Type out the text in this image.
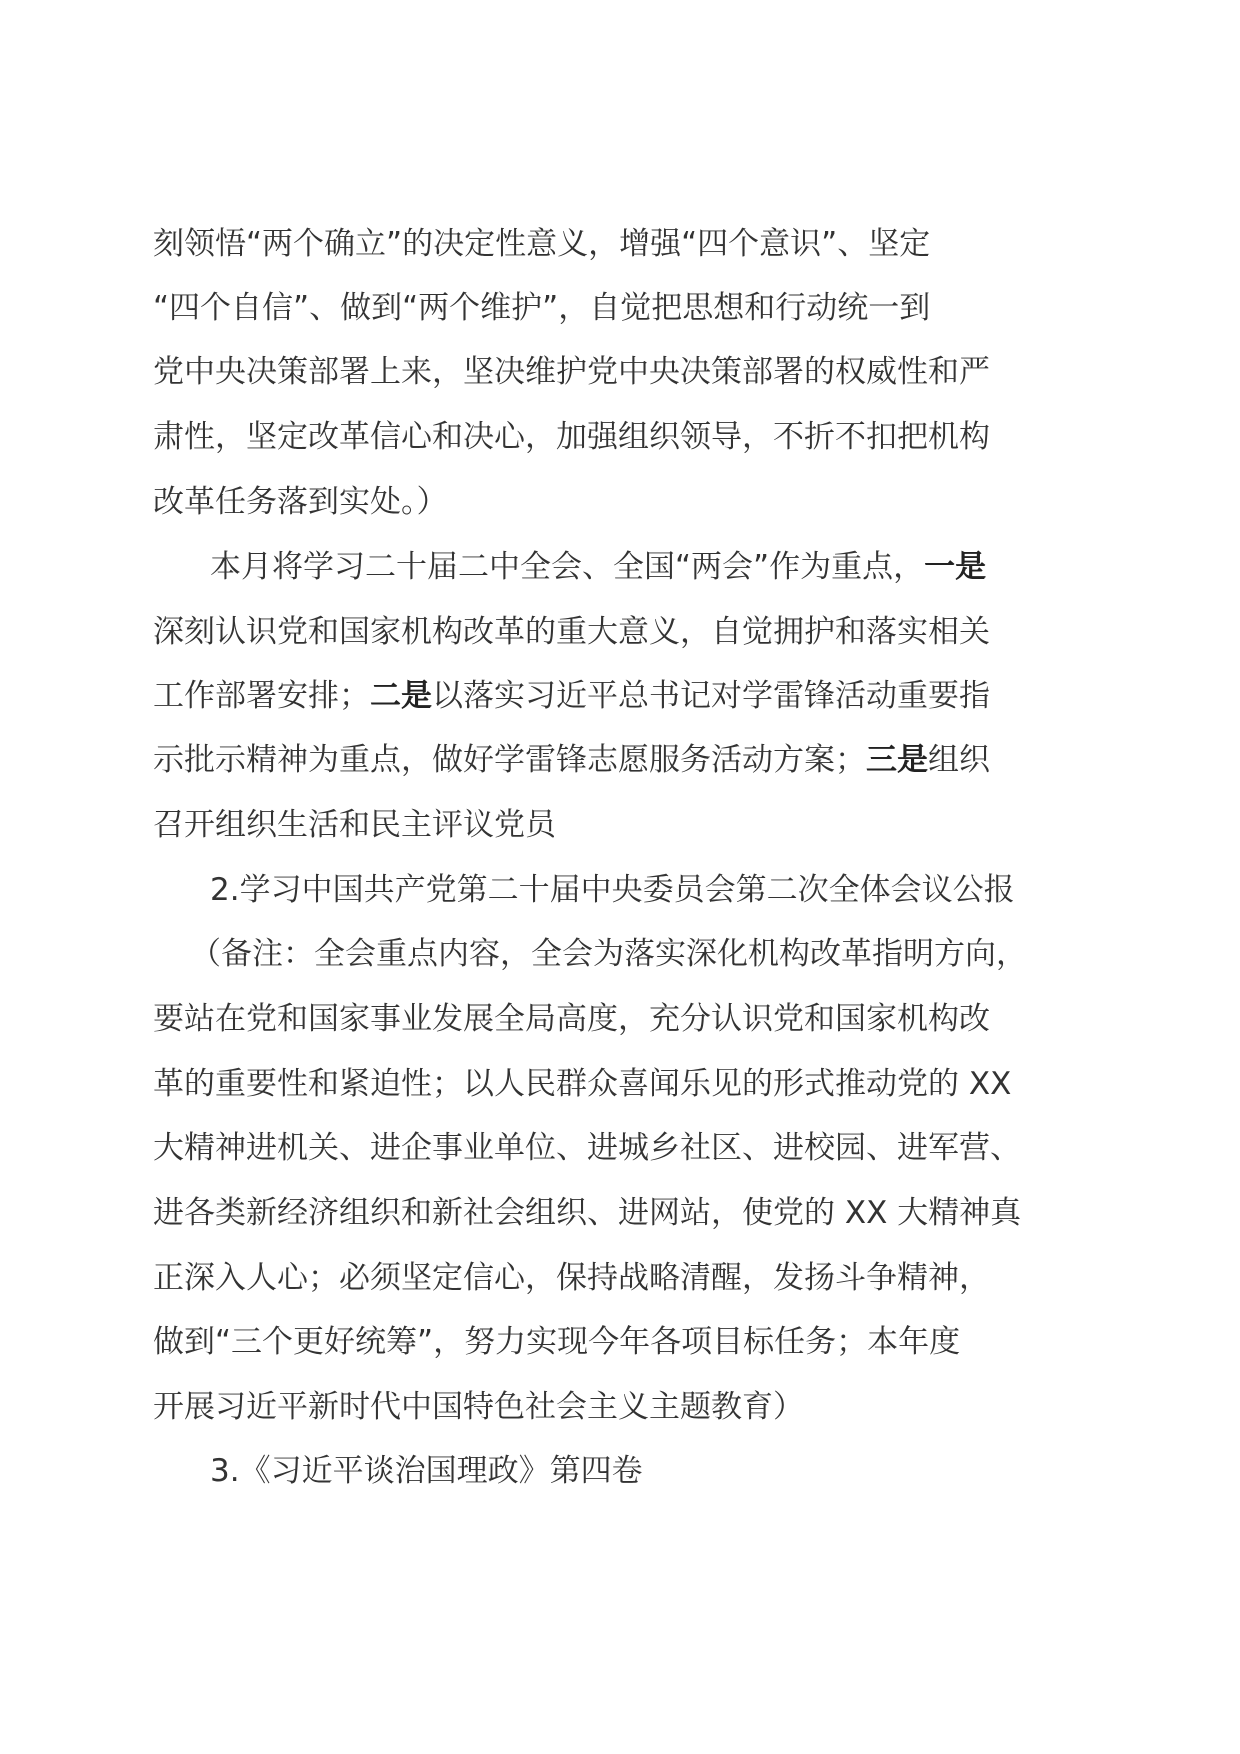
刻领悟“两个确立”的决定性意义，增强“四个意识”、坚定
“四个自信”、做到“两个维护”，自觉把思想和行动统一到
党中央决策部署上来，坚决维护党中央决策部署的权威性和严
肃性，坚定改革信心和决心，加强组织领导，不折不扣把机构
改革任务落到实处。）
本月将学习二十届二中全会、全国“两会”作为重点，一是
深刻认识党和国家机构改革的重大意义，自觉拥护和落实相关
工作部署安排；二是以落实习近平总书记对学雷锋活动重要指
示批示精神为重点，做好学雷锋志愿服务活动方案；三是组织
召开组织生活和民主评议党员
2.学习中国共产党第二十届中央委员会第二次全体会议公报
（备注：全会重点内容，全会为落实深化机构改革指明方向，
要站在党和国家事业发展全局高度，充分认识党和国家机构改
革的重要性和紧迫性；以人民群众喜闻乐见的形式推动党的 XX
大精神进机关、进企事业单位、进城乡社区、进校园、进军营、
进各类新经济组织和新社会组织、进网站，使党的 XX 大精神真
正深入人心；必须坚定信心，保持战略清醒，发扬斗争精神，
做到“三个更好统筹”，努力实现今年各项目标任务；本年度
开展习近平新时代中国特色社会主义主题教育）
3.《习近平谈治国理政》第四卷
